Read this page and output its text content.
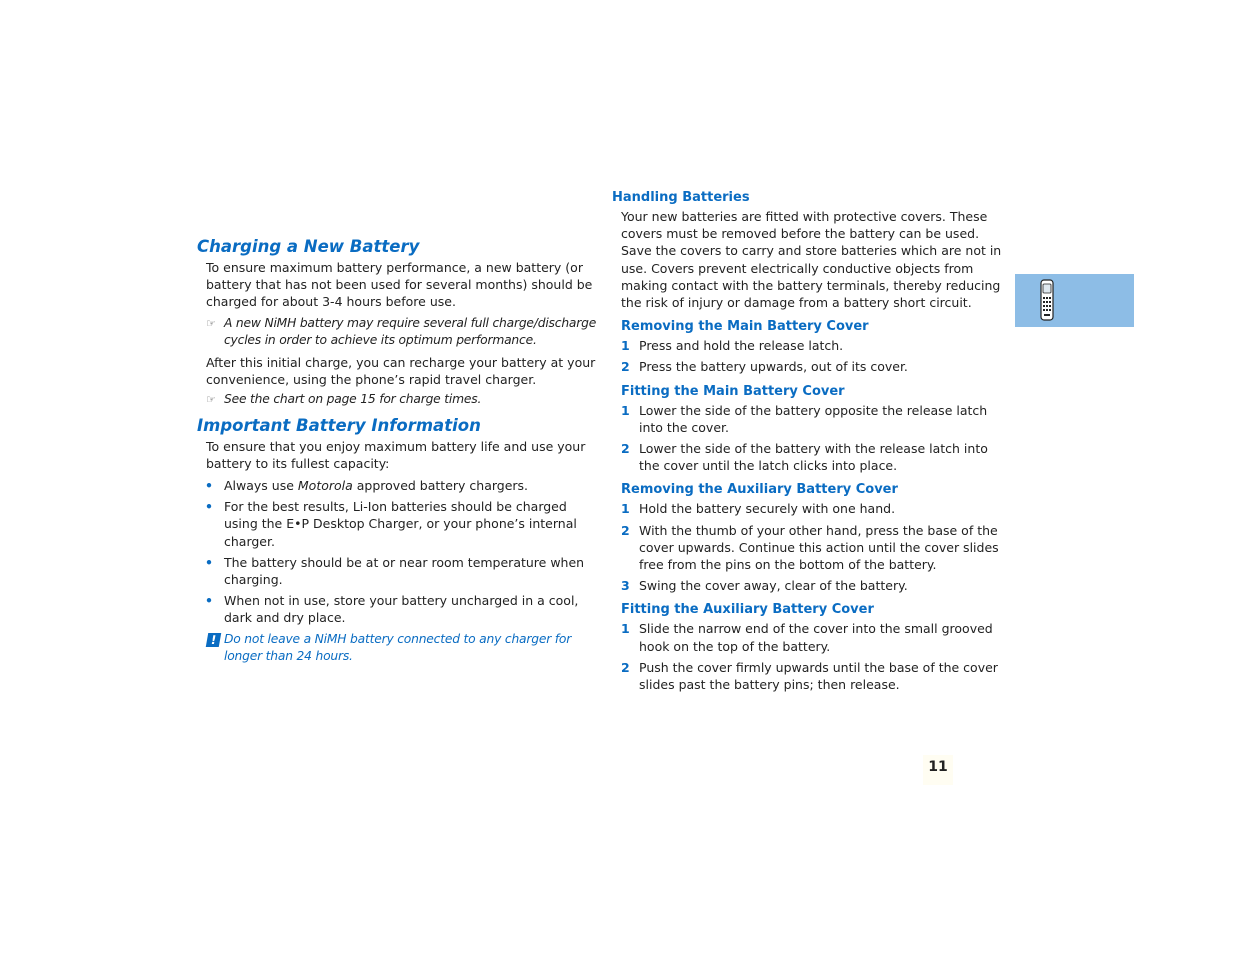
Charging a New Battery

To ensure maximum battery performance, a new battery (or battery that has not been used for several months) should be charged for about 3-4 hours before use.

☞ A new NiMH battery may require several full charge/discharge cycles in order to achieve its optimum performance.

After this initial charge, you can recharge your battery at your convenience, using the phone’s rapid travel charger.

☞ See the chart on page 15 for charge times.

Important Battery Information

To ensure that you enjoy maximum battery life and use your battery to its fullest capacity:

• Always use Motorola approved battery chargers.
• For the best results, Li-Ion batteries should be charged using the E•P Desktop Charger, or your phone’s internal charger.
• The battery should be at or near room temperature when charging.
• When not in use, store your battery uncharged in a cool, dark and dry place.

! Do not leave a NiMH battery connected to any charger for longer than 24 hours.

Handling Batteries

Your new batteries are fitted with protective covers. These covers must be removed before the battery can be used. Save the covers to carry and store batteries which are not in use. Covers prevent electrically conductive objects from making contact with the battery terminals, thereby reducing the risk of injury or damage from a battery short circuit.

Removing the Main Battery Cover
1 Press and hold the release latch.
2 Press the battery upwards, out of its cover.
Fitting the Main Battery Cover
1 Lower the side of the battery opposite the release latch into the cover.
2 Lower the side of the battery with the release latch into the cover until the latch clicks into place.
Removing the Auxiliary Battery Cover
1 Hold the battery securely with one hand.
2 With the thumb of your other hand, press the base of the cover upwards. Continue this action until the cover slides free from the pins on the bottom of the battery.
3 Swing the cover away, clear of the battery.
Fitting the Auxiliary Battery Cover
1 Slide the narrow end of the cover into the small grooved hook on the top of the battery.
2 Push the cover firmly upwards until the base of the cover slides past the battery pins; then release.
11
